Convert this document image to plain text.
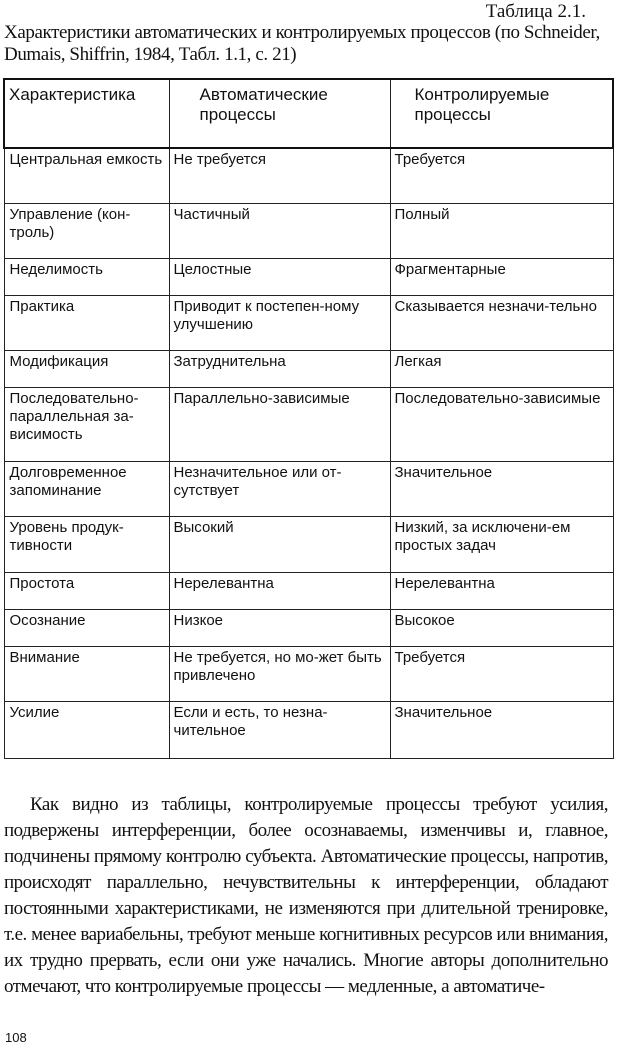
Таблица 2.1.
Характеристики автоматических и контролируемых процессов (по Schneider, Dumais, Shiffrin, 1984, Табл. 1.1, с. 21)
Характеристика	Автоматические процессы	Контролируемые процессы
Центральная емкость	Не требуется	Требуется
Управление (кон-троль)	Частичный	Полный
Неделимость	Целостные	Фрагментарные
Практика	Приводит к постепен-ному улучшению	Сказывается незначи-тельно
Модификация	Затруднительна	Легкая
Последовательно-параллельная за-висимость	Параллельно-зависимые	Последовательно-зависимые
Долговременное запоминание	Незначительное или от-сутствует	Значительное
Уровень продук-тивности	Высокий	Низкий, за исключени-ем простых задач
Простота	Нерелевантна	Нерелевантна
Осознание	Низкое	Высокое
Внимание	Не требуется, но мо-жет быть привлечено	Требуется
Усилие	Если и есть, то незна-чительное	Значительное

Как видно из таблицы, контролируемые процессы требуют усилия, подвержены интерференции, более осознаваемы, изменчивы и, главное, подчинены прямому контролю субъекта. Автоматические процессы, напротив, происходят параллельно, нечувствительны к интерференции, обладают постоянными характеристиками, не изменяются при длительной тренировке, т.е. менее вариабельны, требуют меньше когнитивных ресурсов или внимания, их трудно прервать, если они уже начались. Многие авторы дополнительно отмечают, что контролируемые процессы — медленные, а автоматиче-

108
